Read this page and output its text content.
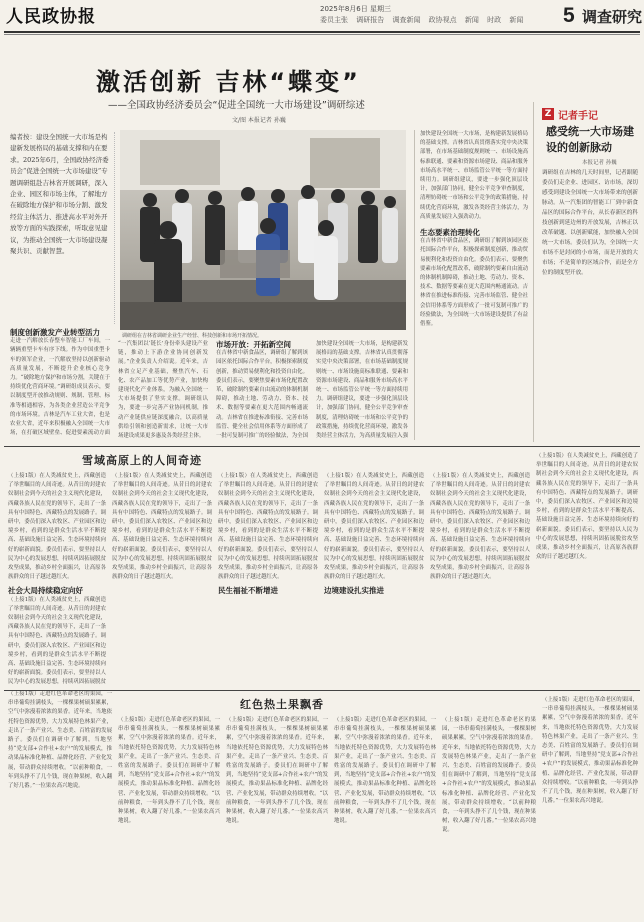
人民政协报	2025年8月6日 星期三
委员主张 调研报告 调查新闻 政协视点 新闻 时政 新闻 5 调查研究
激活创新 吉林“蝶变”
——全国政协经济委员会“促进全国统一大市场建设”调研综述
文/图 本报记者 孙巍
编者按：建设全国统一大市场是构建新发展格局的基础支撑和内在要求。2025年6月，全国政协经济委员会“促进全国统一大市场建设”专题调研组赴吉林省开展调研，深入企业、园区和市场主体，了解地方在破除地方保护和市场分割、激发经营主体活力、推进高水平对外开放等方面的实践探索，听取意见建议，为推动全国统一大市场建设凝聚共识、贡献智慧。
调研组在吉林省调研企业生产经营、科技创新和市场开拓情况。
制度创新激发产业转型活力
走进一汽解放长春整车智能工厂车间，一辆辆重型卡车有序下线。作为中国重型卡车的领军企业，一汽解放坚持以创新驱动高质量发展，不断提升企业核心竞争力。“破除地方保护和市场分割，关键在于持续优化营商环境。”调研组成员表示，要以制度型开放推动规则、规制、管理、标准等相通相容，为各类企业营造公平竞争的市场环境。吉林是汽车工业大省，也是农业大省，近年来积极融入全国统一大市场，在打破区域壁垒、促进要素流动方面
“一汽集团以‘链长’身份牵头建设产业链，推动上下游企业协同创新发展。”企业负责人介绍说。近年来，吉林省立足产业基础，聚焦汽车、石化、农产品加工等优势产业，加快构建现代化产业体系，为融入全国统一大市场提供了坚实支撑。调研组认为，要进一步完善产业协同机制，推动产业链供应链深度融合，以高质量供给引领和创造新需求，让统一大市场建设成果更多惠及各类经营主体。
市场开放：开拓新空间
在吉林省中新食品区，调研组了解到该园区依托国际合作平台，积极探索制度创新，推动贸易便利化和投资自由化。委员们表示，要聚焦要素市场化配置改革，破除制约要素自由流动的体制机制障碍，推动土地、劳动力、资本、技术、数据等要素在更大范围内畅通流动。吉林省在推进标准衔接、完善市场监管、健全社会信用体系等方面形成了一批可复制可推广的经验做法，为全国
加快建设全国统一大市场，是构建新发展格局的基础支撑。吉林省认真贯彻落实党中央决策部署，在市场基础制度规则统一、市场设施高标准联通、要素和资源市场建设、商品和服务市场高水平统一、市场监管公平统一等方面持续用力。调研组建议，要进一步强化顶层设计，加强部门协同，健全公平竞争审查制度，清理妨碍统一市场和公平竞争的政策措施，持续优化营商环境，激发各类经营主体活力，为高质量发展注入强
加快建设全国统一大市场，是构建新发展格局的基础支撑。吉林省认真贯彻落实党中央决策部署，在市场基础制度规则统一、市场设施高标准联通、要素和资源市场建设、商品和服务市场高水平统一、市场监管公平统一等方面持续用力。调研组建议，要进一步强化顶层设计，加强部门协同，健全公平竞争审查制度，清理妨碍统一市场和公平竞争的政策措施，持续优化营商环境，激发各类经营主体活力，为高质量发展注入强劲动力。
生态要素治理转化
在吉林省中新食品区，调研组了解到该园区依托国际合作平台，积极探索制度创新，推动贸易便利化和投资自由化。委员们表示，要聚焦要素市场化配置改革，破除制约要素自由流动的体制机制障碍，推动土地、劳动力、资本、技术、数据等要素在更大范围内畅通流动。吉林省在推进标准衔接、完善市场监管、健全社会信用体系等方面形成了一批可复制可推广的经验做法，为全国统一大市场建设提供了有益借鉴。
Z 记者手记
感受统一大市场建设的创新脉动
本报记者 孙巍
调研组在吉林的几天时间里，记者跟随委员们走企业、进园区、访市场，深切感受到建设全国统一大市场带来的创新脉动。从一汽集团的智能工厂到中新食品区的国际合作平台，从长春新区的科技创新到延边州的开放发展，吉林正以改革破题、以创新赋能，加快融入全国统一大市场。委员们认为，全国统一大市场不是封闭的小市场，而是开放的大市场；不是简单的区域合作，而是全方位的制度型开放。
雪域高原上的人间奇迹
（上接1版）在人类减贫史上，西藏创造了举世瞩目的人间奇迹。从昔日的封建农奴制社会到今天的社会主义现代化建设，西藏各族人民在党的领导下，走出了一条具有中国特色、西藏特点的发展路子。调研中，委员们深入农牧区、产业园区和边境乡村，看到的是群众生活水平不断提高、基础设施日益完善、生态环境持续向好的崭新面貌。委员们表示，要坚持以人民为中心的发展思想，持续巩固拓展脱贫攻坚成果，推动乡村全面振兴，让高原各族群众的日子越过越红火。
社会大局持续稳定向好
（上接1版）在人类减贫史上，西藏创造了举世瞩目的人间奇迹。从昔日的封建农奴制社会到今天的社会主义现代化建设，西藏各族人民在党的领导下，走出了一条具有中国特色、西藏特点的发展路子。调研中，委员们深入农牧区、产业园区和边境乡村，看到的是群众生活水平不断提高、基础设施日益完善、生态环境持续向好的崭新面貌。委员们表示，要坚持以人民为中心的发展思想，持续巩固拓展脱贫
（上接1版）在人类减贫史上，西藏创造了举世瞩目的人间奇迹。从昔日的封建农奴制社会到今天的社会主义现代化建设，西藏各族人民在党的领导下，走出了一条具有中国特色、西藏特点的发展路子。调研中，委员们深入农牧区、产业园区和边境乡村，看到的是群众生活水平不断提高、基础设施日益完善、生态环境持续向好的崭新面貌。委员们表示，要坚持以人民为中心的发展思想，持续巩固拓展脱贫攻坚成果，推动乡村全面振兴，让高原各族群众的日子越过越红火。
（上接1版）在人类减贫史上，西藏创造了举世瞩目的人间奇迹。从昔日的封建农奴制社会到今天的社会主义现代化建设，西藏各族人民在党的领导下，走出了一条具有中国特色、西藏特点的发展路子。调研中，委员们深入农牧区、产业园区和边境乡村，看到的是群众生活水平不断提高、基础设施日益完善、生态环境持续向好的崭新面貌。委员们表示，要坚持以人民为中心的发展思想，持续巩固拓展脱贫攻坚成果，推动乡村全面振兴，让高原各族群众的日子越过越红火。
民生福祉不断增进
（上接1版）在人类减贫史上，西藏创造了举世瞩目的人间奇迹。从昔日的封建农奴制社会到今天的社会主义现代化建设，西藏各族人民在党的领导下，走出了一条具有中国特色、西藏特点的发展路子。调研中，委员们深入农牧区、产业园区和边境乡村，看到的是群众生活水平不断提高、基础设施日益完善、生态环境持续向好的崭新面貌。委员们表示，要坚持以人民为中心的发展思想，持续巩固拓展脱贫攻坚成果，推动乡村全面振兴，让高原各族群众的日子越过越红火。
边境建设扎实推进
（上接1版）在人类减贫史上，西藏创造了举世瞩目的人间奇迹。从昔日的封建农奴制社会到今天的社会主义现代化建设，西藏各族人民在党的领导下，走出了一条具有中国特色、西藏特点的发展路子。调研中，委员们深入农牧区、产业园区和边境乡村，看到的是群众生活水平不断提高、基础设施日益完善、生态环境持续向好的崭新面貌。委员们表示，要坚持以人民为中心的发展思想，持续巩固拓展脱贫攻坚成果，推动乡村全面振兴，让高原各族群众的日子越过越红火。
（上接1版）在人类减贫史上，西藏创造了举世瞩目的人间奇迹。从昔日的封建农奴制社会到今天的社会主义现代化建设，西藏各族人民在党的领导下，走出了一条具有中国特色、西藏特点的发展路子。调研中，委员们深入农牧区、产业园区和边境乡村，看到的是群众生活水平不断提高、基础设施日益完善、生态环境持续向好的崭新面貌。委员们表示，要坚持以人民为中心的发展思想，持续巩固拓展脱贫攻坚成果，推动乡村全面振兴，让高原各族群众的日子越过越红火。
红色热土果飘香
（上接1版）走进红色革命老区的果园，一串串葡萄挂满枝头，一棵棵果树硕果累累，空气中弥漫着浓浓的果香。近年来，当地依托特色资源优势，大力发展特色林果产业，走出了一条产业兴、生态美、百姓富的发展路子。委员们在调研中了解到，当地坚持“党支部+合作社+农户”的发展模式，推动果品标准化种植、品牌化经营、产业化发展，带动群众持续增收。“以前种粮食，一年到头挣不了几个钱，现在种果树，收入翻了好几番。”一位果农高兴地说。
（上接1版）走进红色革命老区的果园，一串串葡萄挂满枝头，一棵棵果树硕果累累，空气中弥漫着浓浓的果香。近年来，当地依托特色资源优势，大力发展特色林果产业，走出了一条产业兴、生态美、百姓富的发展路子。委员们在调研中了解到，当地坚持“党支部+合作社+农户”的发展模式，推动果品标准化种植、品牌化经营、产业化发展，带动群众持续增收。“以前种粮食，一年到头挣不了几个钱，现在种果树，收入翻了好几番。”一位果农高兴地说。
（上接1版）走进红色革命老区的果园，一串串葡萄挂满枝头，一棵棵果树硕果累累，空气中弥漫着浓浓的果香。近年来，当地依托特色资源优势，大力发展特色林果产业，走出了一条产业兴、生态美、百姓富的发展路子。委员们在调研中了解到，当地坚持“党支部+合作社+农户”的发展模式，推动果品标准化种植、品牌化经营、产业化发展，带动群众持续增收。“以前种粮食，一年到头挣不了几个钱，现在种果树，收入翻了好几番。”一位果农高兴地说。
（上接1版）走进红色革命老区的果园，一串串葡萄挂满枝头，一棵棵果树硕果累累，空气中弥漫着浓浓的果香。近年来，当地依托特色资源优势，大力发展特色林果产业，走出了一条产业兴、生态美、百姓富的发展路子。委员们在调研中了解到，当地坚持“党支部+合作社+农户”的发展模式，推动果品标准化种植、品牌化经营、产业化发展，带动群众持续增收。“以前种粮食，一年到头挣不了几个钱，现在种果树，收入翻了好几番。”一位果农高兴地说。
（上接1版）走进红色革命老区的果园，一串串葡萄挂满枝头，一棵棵果树硕果累累，空气中弥漫着浓浓的果香。近年来，当地依托特色资源优势，大力发展特色林果产业，走出了一条产业兴、生态美、百姓富的发展路子。委员们在调研中了解到，当地坚持“党支部+合作社+农户”的发展模式，推动果品标准化种植、品牌化经营、产业化发展，带动群众持续增收。“以前种粮食，一年到头挣不了几个钱，现在种果树，收入翻了好几番。”一位果农高兴地说。
（上接1版）走进红色革命老区的果园，一串串葡萄挂满枝头，一棵棵果树硕果累累，空气中弥漫着浓浓的果香。近年来，当地依托特色资源优势，大力发展特色林果产业，走出了一条产业兴、生态美、百姓富的发展路子。委员们在调研中了解到，当地坚持“党支部+合作社+农户”的发展模式，推动果品标准化种植、品牌化经营、产业化发展，带动群众持续增收。“以前种粮食，一年到头挣不了几个钱，现在种果树，收入翻了好几番。”一位果农高兴地说。
